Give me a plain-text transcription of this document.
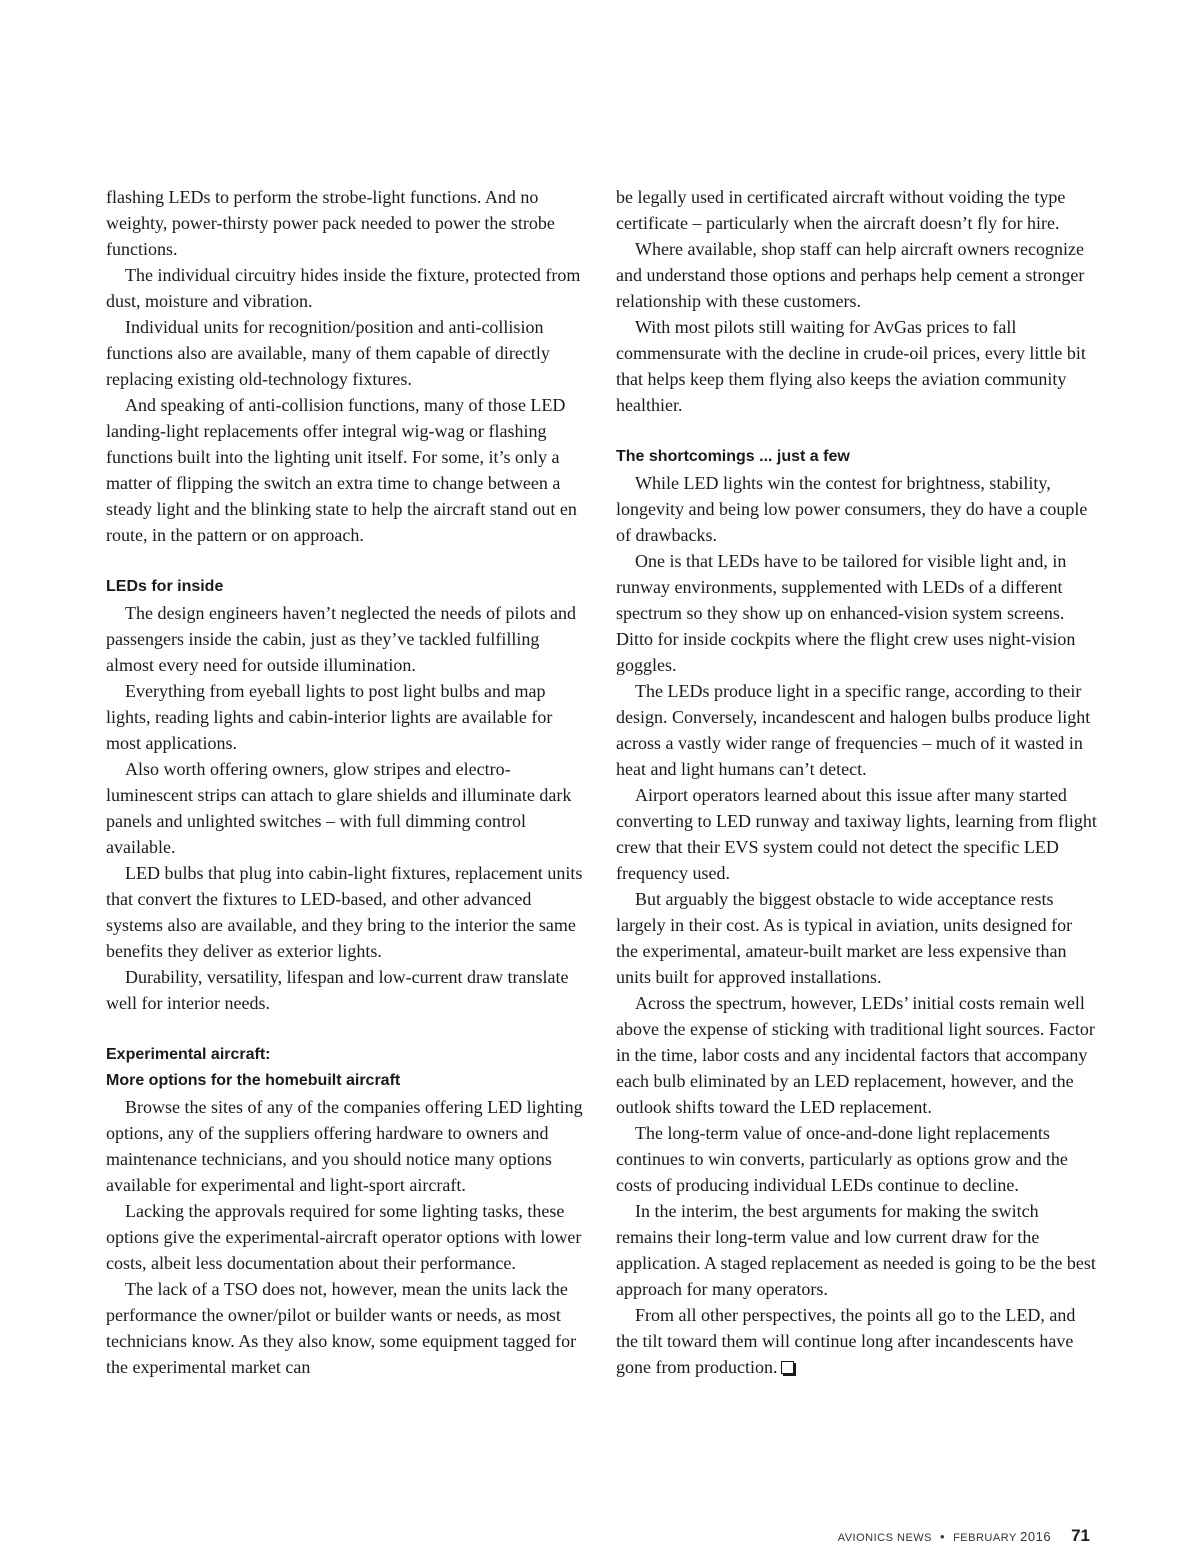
flashing LEDs to perform the strobe-light functions. And no weighty, power-thirsty power pack needed to power the strobe functions.

The individual circuitry hides inside the fixture, protected from dust, moisture and vibration.

Individual units for recognition/position and anti-collision functions also are available, many of them capable of directly replacing existing old-technology fixtures.

And speaking of anti-collision functions, many of those LED landing-light replacements offer integral wig-wag or flashing functions built into the lighting unit itself. For some, it’s only a matter of flipping the switch an extra time to change between a steady light and the blinking state to help the aircraft stand out en route, in the pattern or on approach.

LEDs for inside

The design engineers haven’t neglected the needs of pilots and passengers inside the cabin, just as they’ve tackled fulfilling almost every need for outside illumination.

Everything from eyeball lights to post light bulbs and map lights, reading lights and cabin-interior lights are available for most applications.

Also worth offering owners, glow stripes and electro-luminescent strips can attach to glare shields and illuminate dark panels and unlighted switches – with full dimming control available.

LED bulbs that plug into cabin-light fixtures, replacement units that convert the fixtures to LED-based, and other advanced systems also are available, and they bring to the interior the same benefits they deliver as exterior lights.

Durability, versatility, lifespan and low-current draw translate well for interior needs.

Experimental aircraft:
More options for the homebuilt aircraft

Browse the sites of any of the companies offering LED lighting options, any of the suppliers offering hardware to owners and maintenance technicians, and you should notice many options available for experimental and light-sport aircraft.

Lacking the approvals required for some lighting tasks, these options give the experimental-aircraft operator options with lower costs, albeit less documentation about their performance.

The lack of a TSO does not, however, mean the units lack the performance the owner/pilot or builder wants or needs, as most technicians know. As they also know, some equipment tagged for the experimental market can

be legally used in certificated aircraft without voiding the type certificate – particularly when the aircraft doesn’t fly for hire.

Where available, shop staff can help aircraft owners recognize and understand those options and perhaps help cement a stronger relationship with these customers.

With most pilots still waiting for AvGas prices to fall commensurate with the decline in crude-oil prices, every little bit that helps keep them flying also keeps the aviation community healthier.

The shortcomings ... just a few

While LED lights win the contest for brightness, stability, longevity and being low power consumers, they do have a couple of drawbacks.

One is that LEDs have to be tailored for visible light and, in runway environments, supplemented with LEDs of a different spectrum so they show up on enhanced-vision system screens. Ditto for inside cockpits where the flight crew uses night-vision goggles.

The LEDs produce light in a specific range, according to their design. Conversely, incandescent and halogen bulbs produce light across a vastly wider range of frequencies – much of it wasted in heat and light humans can’t detect.

Airport operators learned about this issue after many started converting to LED runway and taxiway lights, learning from flight crew that their EVS system could not detect the specific LED frequency used.

But arguably the biggest obstacle to wide acceptance rests largely in their cost. As is typical in aviation, units designed for the experimental, amateur-built market are less expensive than units built for approved installations.

Across the spectrum, however, LEDs’ initial costs remain well above the expense of sticking with traditional light sources. Factor in the time, labor costs and any incidental factors that accompany each bulb eliminated by an LED replacement, however, and the outlook shifts toward the LED replacement.

The long-term value of once-and-done light replacements continues to win converts, particularly as options grow and the costs of producing individual LEDs continue to decline.

In the interim, the best arguments for making the switch remains their long-term value and low current draw for the application. A staged replacement as needed is going to be the best approach for many operators.

From all other perspectives, the points all go to the LED, and the tilt toward them will continue long after incandescents have gone from production.

AVIONICS NEWS • FEBRUARY 2016 71
